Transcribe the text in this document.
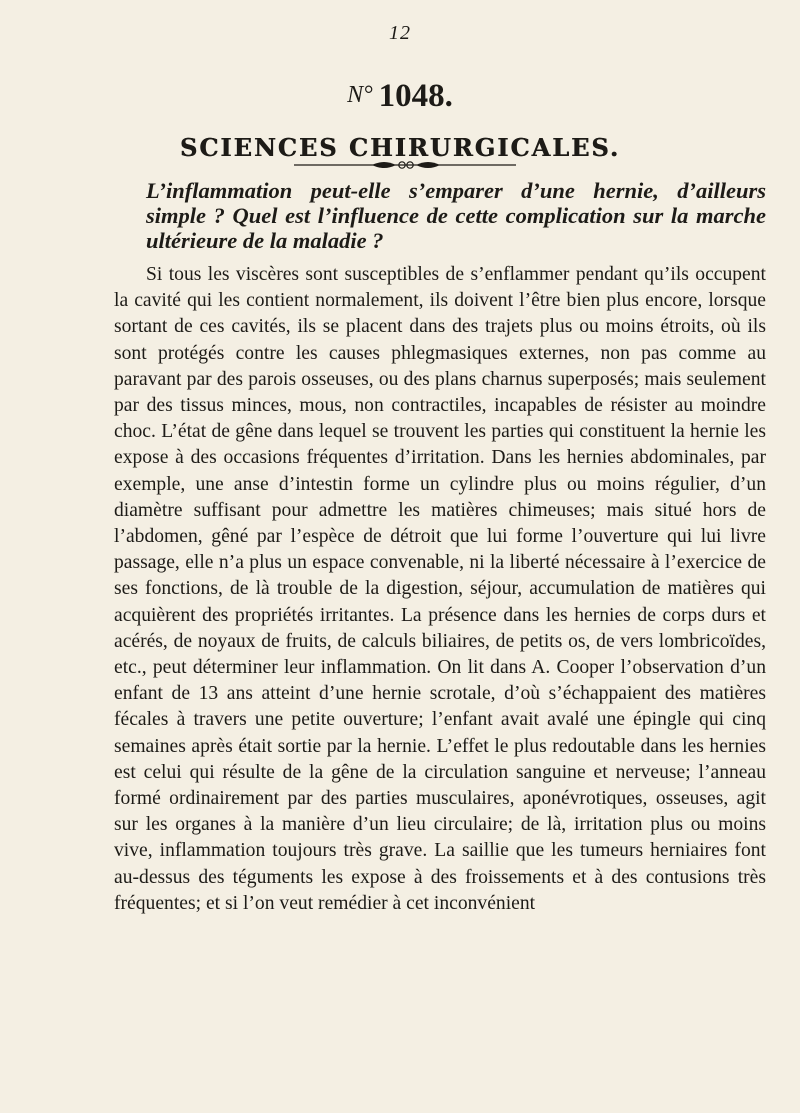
12
N° 1048.
SCIENCES CHIRURGICALES.
L’inflammation peut-elle s’emparer d’une hernie, d’ailleurs simple ? Quel est l’influence de cette complication sur la marche ultérieure de la maladie ?

Si tous les viscères sont susceptibles de s’enflammer pendant qu’ils occupent la cavité qui les contient normalement, ils doivent l’être bien plus encore, lorsque sortant de ces cavités, ils se placent dans des trajets plus ou moins étroits, où ils sont protégés contre les causes phlegmasiques externes, non pas comme au paravant par des parois osseuses, ou des plans charnus superposés; mais seulement par des tissus minces, mous, non contractiles, incapables de résister au moindre choc. L’état de gêne dans lequel se trouvent les parties qui constituent la hernie les expose à des occasions fréquentes d’irritation. Dans les hernies abdominales, par exemple, une anse d’intestin forme un cylindre plus ou moins régulier, d’un diamètre suffisant pour admettre les matières chimeuses; mais situé hors de l’abdomen, gêné par l’espèce de détroit que lui forme l’ouverture qui lui livre passage, elle n’a plus un espace convenable, ni la liberté nécessaire à l’exercice de ses fonctions, de là trouble de la digestion, séjour, accumulation de matières qui acquièrent des propriétés irritantes. La présence dans les hernies de corps durs et acérés, de noyaux de fruits, de calculs biliaires, de petits os, de vers lombricoïdes, etc., peut déterminer leur inflammation. On lit dans A. Cooper l’observation d’un enfant de 13 ans atteint d’une hernie scrotale, d’où s’échappaient des matières fécales à travers une petite ouverture; l’enfant avait avalé une épingle qui cinq semaines après était sortie par la hernie. L’effet le plus redoutable dans les hernies est celui qui résulte de la gêne de la circulation sanguine et nerveuse; l’anneau formé ordinairement par des parties musculaires, aponévrotiques, osseuses, agit sur les organes à la manière d’un lieu circulaire; de là, irritation plus ou moins vive, inflammation toujours très grave. La saillie que les tumeurs herniaires font au-dessus des téguments les expose à des froissements et à des contusions très fréquentes; et si l’on veut remédier à cet inconvénient
